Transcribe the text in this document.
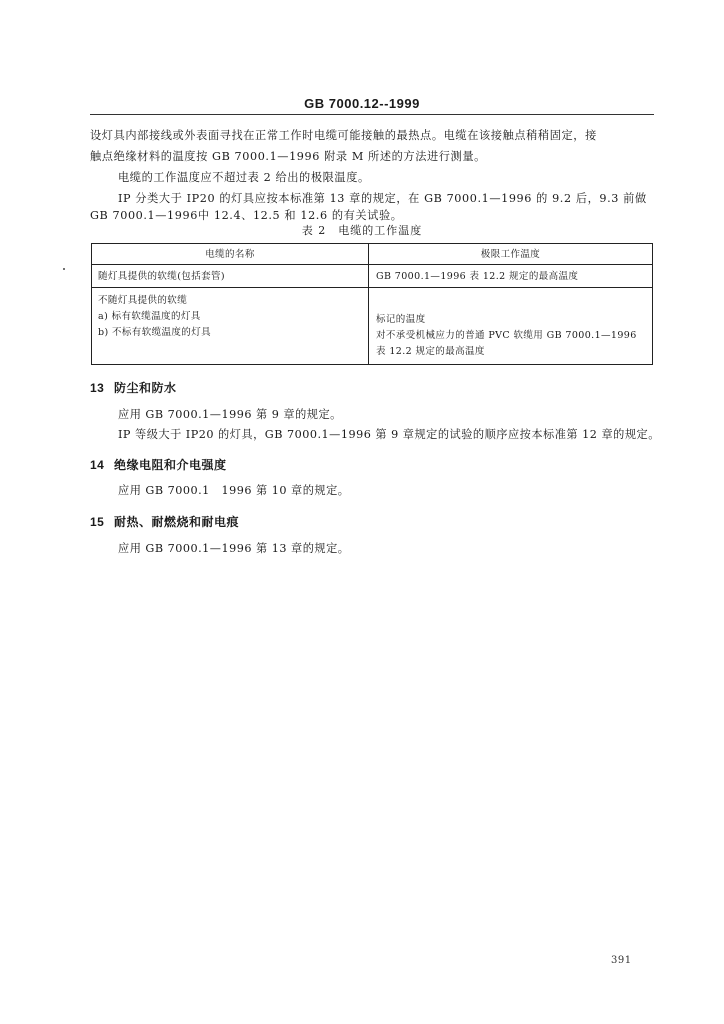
GB 7000.12--1999
设灯具内部接线或外表面寻找在正常工作时电缆可能接触的最热点。电缆在该接触点稍稍固定，接
触点绝缘材料的温度按 GB 7000.1—1996 附录 M 所述的方法进行测量。
电缆的工作温度应不超过表 2 给出的极限温度。
IP 分类大于 IP20 的灯具应按本标准第 13 章的规定，在 GB 7000.1—1996 的 9.2 后，9.3 前做
GB 7000.1—1996中 12.4、12.5 和 12.6 的有关试验。
表 2　电缆的工作温度
电缆的名称	极限工作温度
随灯具提供的软缆(包括套管)	GB 7000.1—1996 表 12.2 规定的最高温度
不随灯具提供的软缆
a) 标有软缆温度的灯具
b) 不标有软缆温度的灯具
标记的温度
对不承受机械应力的普通 PVC 软缆用 GB 7000.1—1996
表 12.2 规定的最高温度
13 防尘和防水
应用 GB 7000.1—1996 第 9 章的规定。
IP 等级大于 IP20 的灯具，GB 7000.1—1996 第 9 章规定的试验的顺序应按本标准第 12 章的规定。
14 绝缘电阻和介电强度
应用 GB 7000.1　1996 第 10 章的规定。
15 耐热、耐燃烧和耐电痕
应用 GB 7000.1—1996 第 13 章的规定。
391
